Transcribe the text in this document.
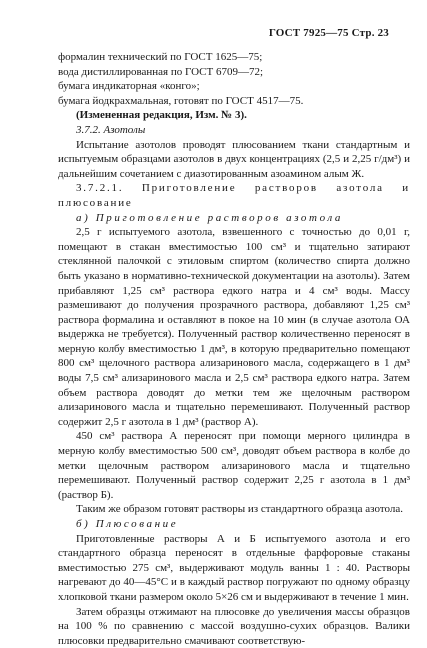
ГОСТ 7925—75 Стр. 23

формалин технический по ГОСТ 1625—75;

вода дистиллированная по ГОСТ 6709—72;

бумага индикаторная «конго»;

бумага йодкрахмальная, готовят по ГОСТ 4517—75.

(Измененная редакция, Изм. № 3).

3.7.2. Азотолы

Испытание азотолов проводят плюсованием ткани стандартным и испытуемым образцами азотолов в двух концентрациях (2,5 и 2,25 г/дм³) и дальнейшим сочетанием с диазотированным азоамином алым Ж.

3.7.2.1. Приготовление растворов азотола и плюсование

а) Приготовление растворов азотола

2,5 г испытуемого азотола, взвешенного с точностью до 0,01 г, помещают в стакан вместимостью 100 см³ и тщательно затирают стеклянной палочкой с этиловым спиртом (количество спирта должно быть указано в нормативно-технической документации на азотолы). Затем прибавляют 1,25 см³ раствора едкого натра и 4 см³ воды. Массу размешивают до получения прозрачного раствора, добавляют 1,25 см³ раствора формалина и оставляют в покое на 10 мин (в случае азотола ОА выдержка не требуется). Полученный раствор количественно переносят в мерную колбу вместимостью 1 дм³, в которую предварительно помещают 800 см³ щелочного раствора ализаринового масла, содержащего в 1 дм³ воды 7,5 см³ ализаринового масла и 2,5 см³ раствора едкого натра. Затем объем раствора доводят до метки тем же щелочным раствором ализаринового масла и тщательно перемешивают. Полученный раствор содержит 2,5 г азотола в 1 дм³ (раствор А).

450 см³ раствора А переносят при помощи мерного цилиндра в мерную колбу вместимостью 500 см³, доводят объем раствора в колбе до метки щелочным раствором ализаринового масла и тщательно перемешивают. Полученный раствор содержит 2,25 г азотола в 1 дм³ (раствор Б).

Таким же образом готовят растворы из стандартного образца азотола.

б) Плюсование

Приготовленные растворы А и Б испытуемого азотола и его стандартного образца переносят в отдельные фарфоровые стаканы вместимостью 275 см³, выдерживают модуль ванны 1 : 40. Растворы нагревают до 40—45°С и в каждый раствор погружают по одному образцу хлопковой ткани размером около 5×26 см и выдерживают в течение 1 мин.

Затем образцы отжимают на плюсовке до увеличения массы образцов на 100 % по сравнению с массой воздушно-сухих образцов. Валики плюсовки предварительно смачивают соответствую-
